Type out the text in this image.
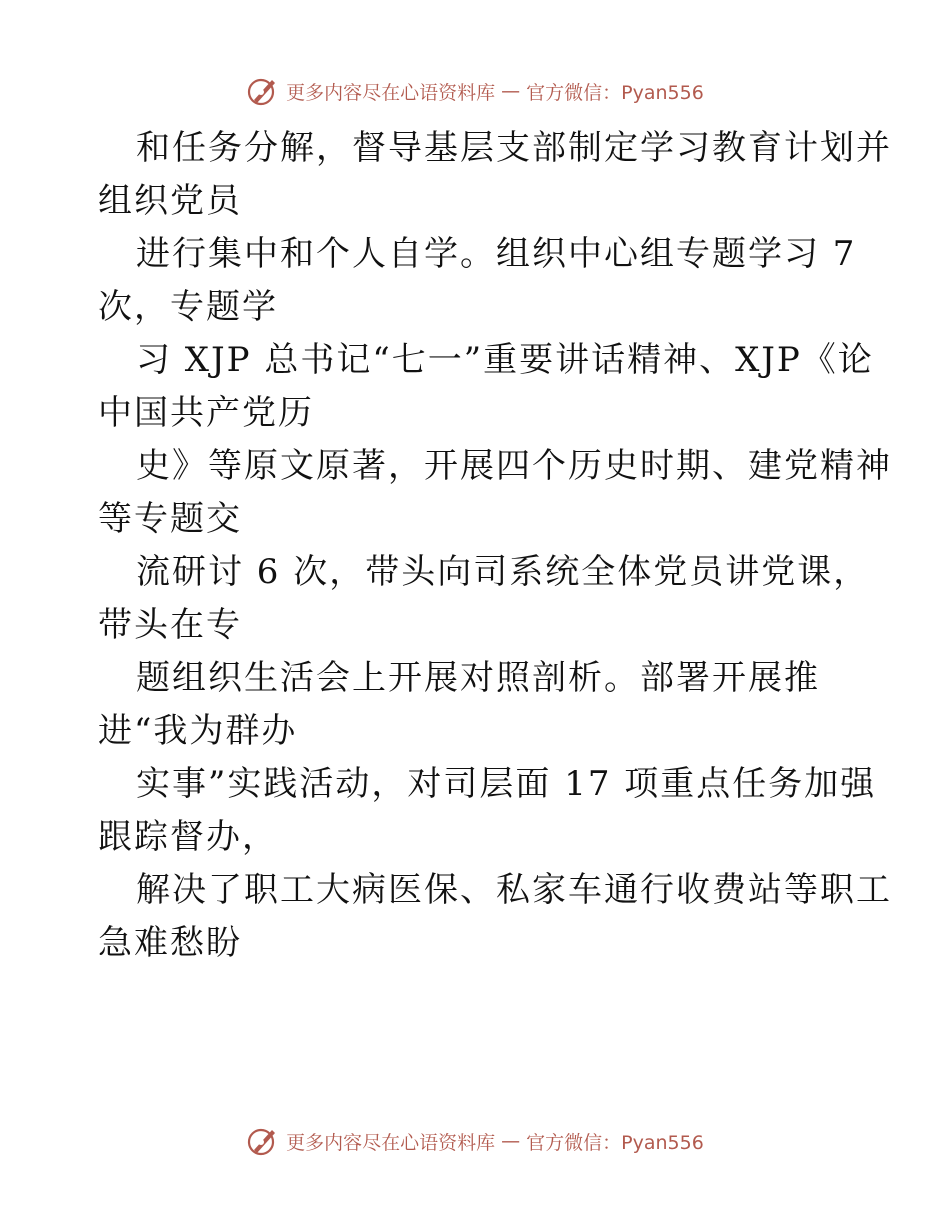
更多内容尽在心语资料库 — 官方微信：Pyan556
和任务分解，督导基层支部制定学习教育计划并
组织党员
进行集中和个人自学。组织中心组专题学习 7
次，专题学
习 XJP 总书记“七一”重要讲话精神、XJP《论
中国共产党历
史》等原文原著，开展四个历史时期、建党精神
等专题交
流研讨 6 次，带头向司系统全体党员讲党课，
带头在专
题组织生活会上开展对照剖析。部署开展推
进“我为群办
实事”实践活动，对司层面 17 项重点任务加强
跟踪督办，
解决了职工大病医保、私家车通行收费站等职工
急难愁盼
更多内容尽在心语资料库 — 官方微信：Pyan556
